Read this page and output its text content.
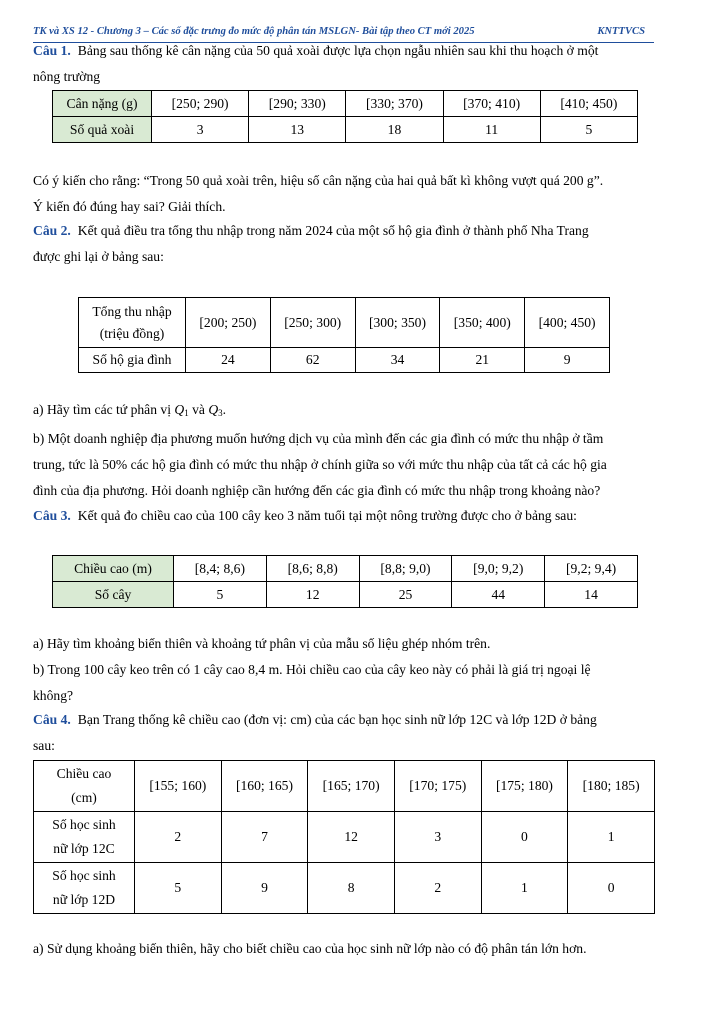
TK và XS 12 - Chương 3 – Các số đặc trưng đo mức độ phân tán MSLGN- Bài tập theo CT mới 2025	KNTTVCS
Câu 1. Bảng sau thống kê cân nặng của 50 quả xoài được lựa chọn ngẫu nhiên sau khi thu hoạch ở một
nông trường
Cân nặng (g)	[250; 290)	[290; 330)	[330; 370)	[370; 410)	[410; 450)
Số quả xoài	3	13	18	11	5
Có ý kiến cho rằng: “Trong 50 quả xoài trên, hiệu số cân nặng của hai quả bất kì không vượt quá 200 g”.
Ý kiến đó đúng hay sai? Giải thích.
Câu 2. Kết quả điều tra tổng thu nhập trong năm 2024 của một số hộ gia đình ở thành phố Nha Trang
được ghi lại ở bảng sau:
Tổng thu nhập
(triệu đồng)	[200; 250)	[250; 300)	[300; 350)	[350; 400)	[400; 450)
Số hộ gia đình	24	62	34	21	9
a) Hãy tìm các tứ phân vị $Q_1$ và $Q_3$.
b) Một doanh nghiệp địa phương muốn hướng dịch vụ của mình đến các gia đình có mức thu nhập ở tầm
trung, tức là 50% các hộ gia đình có mức thu nhập ở chính giữa so với mức thu nhập của tất cả các hộ gia
đình của địa phương. Hỏi doanh nghiệp cần hướng đến các gia đình có mức thu nhập trong khoảng nào?
Câu 3. Kết quả đo chiều cao của 100 cây keo 3 năm tuổi tại một nông trường được cho ở bảng sau:
Chiều cao (m)	[8,4; 8,6)	[8,6; 8,8)	[8,8; 9,0)	[9,0; 9,2)	[9,2; 9,4)
Số cây	5	12	25	44	14
a) Hãy tìm khoảng biến thiên và khoảng tứ phân vị của mẫu số liệu ghép nhóm trên.
b) Trong 100 cây keo trên có 1 cây cao 8,4 m. Hỏi chiều cao của cây keo này có phải là giá trị ngoại lệ
không?
Câu 4. Bạn Trang thống kê chiều cao (đơn vị: cm) của các bạn học sinh nữ lớp 12C và lớp 12D ở bảng
sau:
Chiều cao
(cm)	[155; 160)	[160; 165)	[165; 170)	[170; 175)	[175; 180)	[180; 185)

Số học sinh
nữ lớp 12C	2	7	12	3	0	1

Số học sinh
nữ lớp 12D	5	9	8	2	1	0
a) Sử dụng khoảng biến thiên, hãy cho biết chiều cao của học sinh nữ lớp nào có độ phân tán lớn hơn.
